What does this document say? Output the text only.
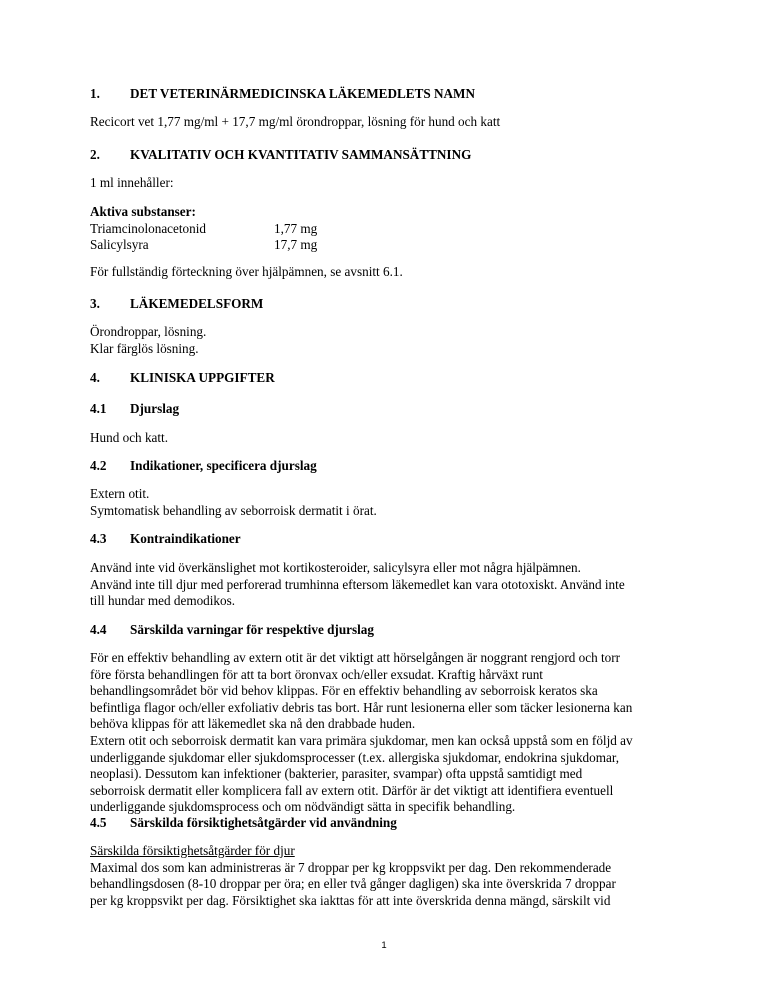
1. DET VETERINÄRMEDICINSKA LÄKEMEDLETS NAMN

Recicort vet 1,77 mg/ml + 17,7 mg/ml örondroppar, lösning för hund och katt

2. KVALITATIV OCH KVANTITATIV SAMMANSÄTTNING

1 ml innehåller:

Aktiva substanser:

Triamcinolonacetonid	1,77 mg
Salicylsyra	17,7 mg

För fullständig förteckning över hjälpämnen, se avsnitt 6.1.

3. LÄKEMEDELSFORM

Örondroppar, lösning.

Klar färglös lösning.

4. KLINISKA UPPGIFTER
4.1 Djurslag

Hund och katt.

4.2 Indikationer, specificera djurslag

Extern otit.

Symtomatisk behandling av seborroisk dermatit i örat.

4.3 Kontraindikationer

Använd inte vid överkänslighet mot kortikosteroider, salicylsyra eller mot några hjälpämnen.

Använd inte till djur med perforerad trumhinna eftersom läkemedlet kan vara ototoxiskt. Använd inte

till hundar med demodikos.

4.4 Särskilda varningar för respektive djurslag

För en effektiv behandling av extern otit är det viktigt att hörselgången är noggrant rengjord och torr

före första behandlingen för att ta bort öronvax och/eller exsudat. Kraftig hårväxt runt

behandlingsområdet bör vid behov klippas. För en effektiv behandling av seborroisk keratos ska

befintliga flagor och/eller exfoliativ debris tas bort. Hår runt lesionerna eller som täcker lesionerna kan

behöva klippas för att läkemedlet ska nå den drabbade huden.

Extern otit och seborroisk dermatit kan vara primära sjukdomar, men kan också uppstå som en följd av

underliggande sjukdomar eller sjukdomsprocesser (t.ex. allergiska sjukdomar, endokrina sjukdomar,

neoplasi). Dessutom kan infektioner (bakterier, parasiter, svampar) ofta uppstå samtidigt med

seborroisk dermatit eller komplicera fall av extern otit. Därför är det viktigt att identifiera eventuell

underliggande sjukdomsprocess och om nödvändigt sätta in specifik behandling.

4.5 Särskilda försiktighetsåtgärder vid användning

Särskilda försiktighetsåtgärder för djur

Maximal dos som kan administreras är 7 droppar per kg kroppsvikt per dag. Den rekommenderade

behandlingsdosen (8-10 droppar per öra; en eller två gånger dagligen) ska inte överskrida 7 droppar

per kg kroppsvikt per dag. Försiktighet ska iakttas för att inte överskrida denna mängd, särskilt vid

1
